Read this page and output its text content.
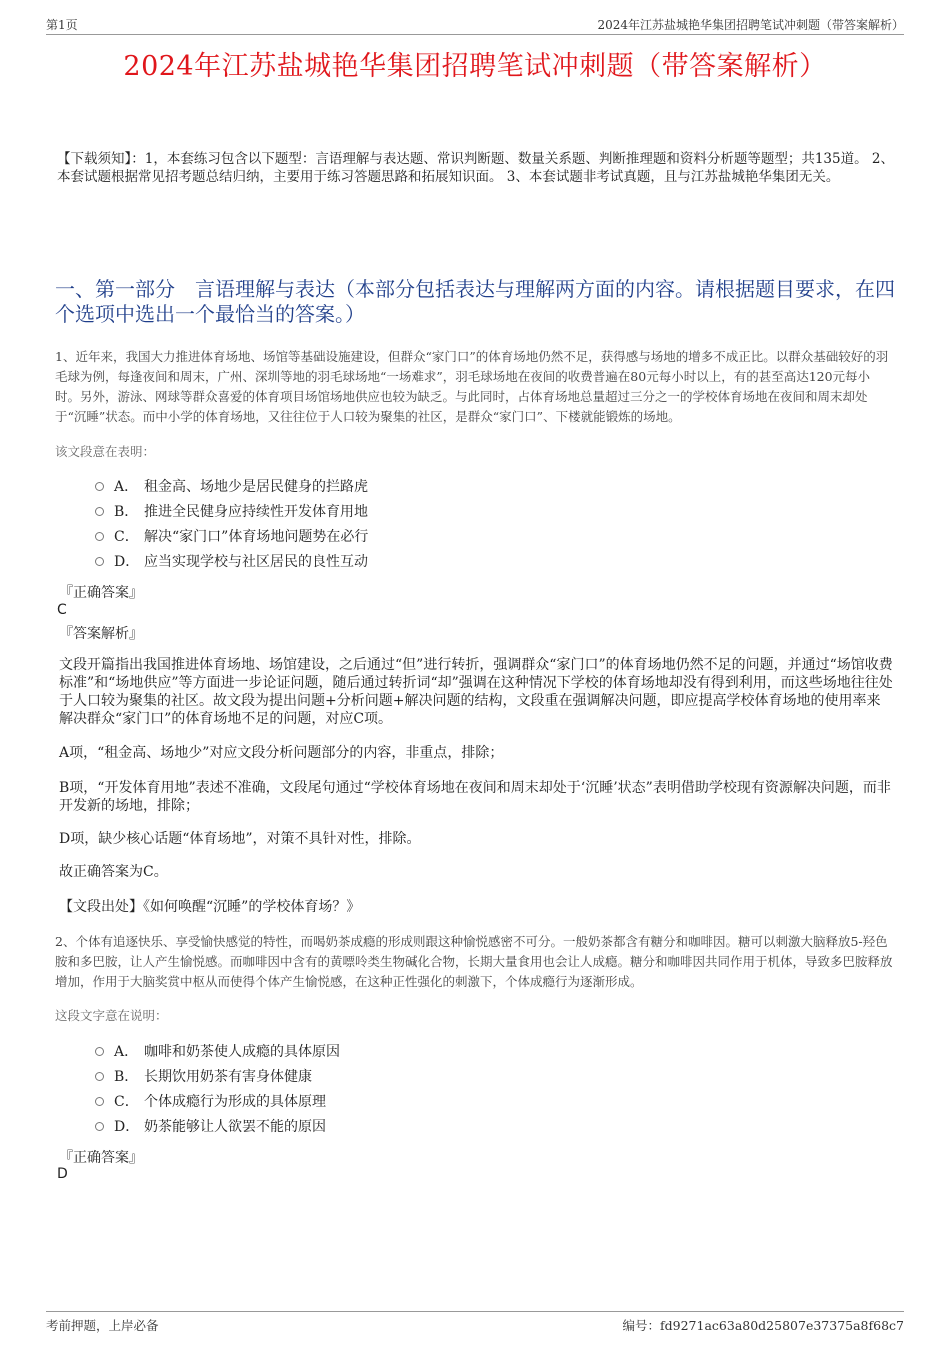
第1页	2024年江苏盐城艳华集团招聘笔试冲刺题（带答案解析）
2024年江苏盐城艳华集团招聘笔试冲刺题（带答案解析）
【下载须知】：1，本套练习包含以下题型：言语理解与表达题、常识判断题、数量关系题、判断推理题和资料分析题等题型；共135道。 2、本套试题根据常见招考题总结归纳，主要用于练习答题思路和拓展知识面。 3、本套试题非考试真题，且与江苏盐城艳华集团无关。
一、第一部分　言语理解与表达（本部分包括表达与理解两方面的内容。请根据题目要求，在四个选项中选出一个最恰当的答案。）
1、近年来，我国大力推进体育场地、场馆等基础设施建设，但群众“家门口”的体育场地仍然不足，获得感与场地的增多不成正比。以群众基础较好的羽毛球为例，每逢夜间和周末，广州、深圳等地的羽毛球场地“一场难求”，羽毛球场地在夜间的收费普遍在80元每小时以上，有的甚至高达120元每小时。另外，游泳、网球等群众喜爱的体育项目场馆场地供应也较为缺乏。与此同时，占体育场地总量超过三分之一的学校体育场地在夜间和周末却处于“沉睡”状态。而中小学的体育场地，又往往位于人口较为聚集的社区，是群众“家门口”、下楼就能锻炼的场地。
该文段意在表明：
A． 租金高、场地少是居民健身的拦路虎
B． 推进全民健身应持续性开发体育用地
C． 解决“家门口”体育场地问题势在必行
D． 应当实现学校与社区居民的良性互动
『正确答案』
C
『答案解析』
文段开篇指出我国推进体育场地、场馆建设，之后通过“但”进行转折，强调群众“家门口”的体育场地仍然不足的问题，并通过“场馆收费标准”和“场地供应”等方面进一步论证问题，随后通过转折词“却”强调在这种情况下学校的体育场地却没有得到利用，而这些场地往往处于人口较为聚集的社区。故文段为提出问题+分析问题+解决问题的结构，文段重在强调解决问题，即应提高学校体育场地的使用率来解决群众“家门口”的体育场地不足的问题，对应C项。
A项，“租金高、场地少”对应文段分析问题部分的内容，非重点，排除；
B项，“开发体育用地”表述不准确，文段尾句通过“学校体育场地在夜间和周末却处于‘沉睡’状态”表明借助学校现有资源解决问题，而非开发新的场地，排除；
D项，缺少核心话题“体育场地”，对策不具针对性，排除。
故正确答案为C。
【文段出处】《如何唤醒“沉睡”的学校体育场？》
2、个体有追逐快乐、享受愉快感觉的特性，而喝奶茶成瘾的形成则跟这种愉悦感密不可分。一般奶茶都含有糖分和咖啡因。糖可以刺激大脑释放5-羟色胺和多巴胺，让人产生愉悦感。而咖啡因中含有的黄嘌呤类生物碱化合物，长期大量食用也会让人成瘾。糖分和咖啡因共同作用于机体，导致多巴胺释放增加，作用于大脑奖赏中枢从而使得个体产生愉悦感，在这种正性强化的刺激下，个体成瘾行为逐渐形成。
这段文字意在说明：
A． 咖啡和奶茶使人成瘾的具体原因
B． 长期饮用奶茶有害身体健康
C． 个体成瘾行为形成的具体原理
D． 奶茶能够让人欲罢不能的原因
『正确答案』
D
考前押题，上岸必备	编号：fd9271ac63a80d25807e37375a8f68c7
